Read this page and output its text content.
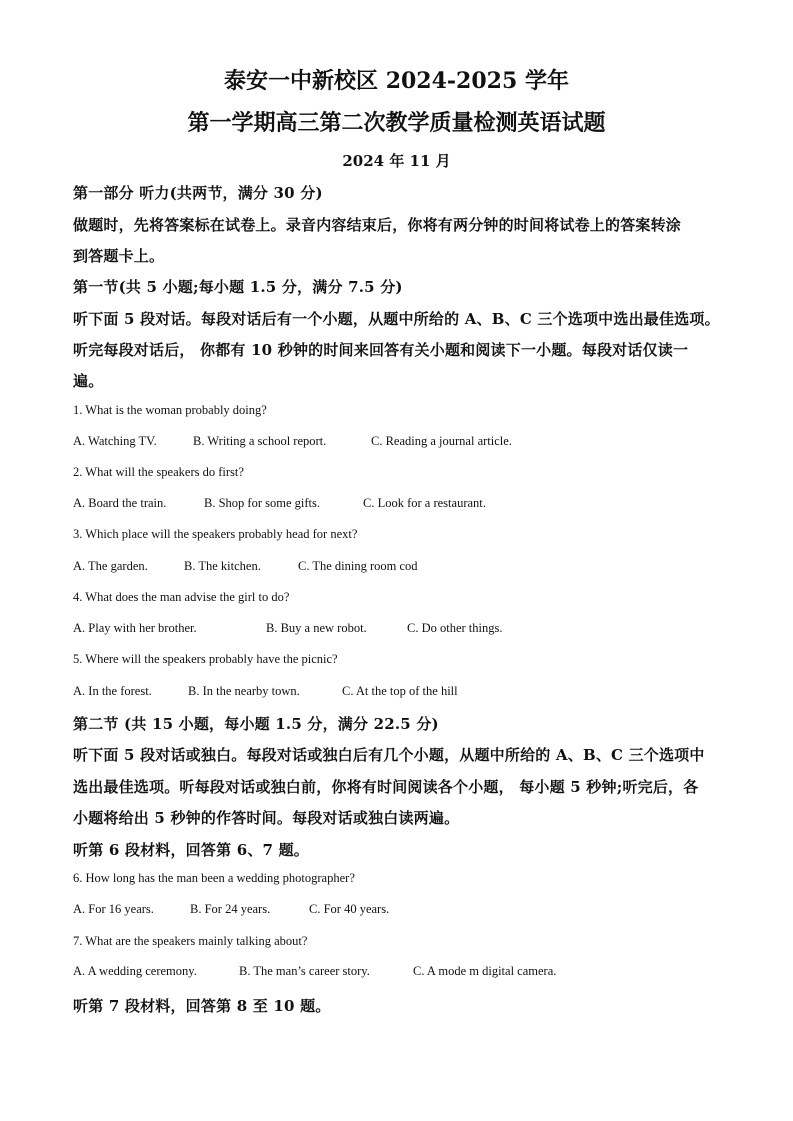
泰安一中新校区 2024-2025 学年
第一学期高三第二次教学质量检测英语试题
2024 年 11 月
第一部分 听力(共两节，满分 30 分)
做题时，先将答案标在试卷上。录音内容结束后，你将有两分钟的时间将试卷上的答案转涂
到答题卡上。
第一节(共 5 小题;每小题 1.5 分，满分 7.5 分)
听下面 5 段对话。每段对话后有一个小题，从题中所给的 A、B、C 三个选项中选出最佳选项。
听完每段对话后， 你都有 10 秒钟的时间来回答有关小题和阅读下一小题。每段对话仅读一
遍。
1. What is the woman probably doing?
A. Watching TV.	B. Writing a school report.	C. Reading a journal article.
2. What will the speakers do first?
A. Board the train.	B. Shop for some gifts.	C. Look for a restaurant.
3. Which place will the speakers probably head for next?
A. The garden.	B. The kitchen.	C. The dining room cod
4. What does the man advise the girl to do?
A. Play with her brother.	B. Buy a new robot.	C. Do other things.
5. Where will the speakers probably have the picnic?
A. In the forest.	B. In the nearby town.	C. At the top of the hill
第二节 (共 15 小题，每小题 1.5 分，满分 22.5 分)
听下面 5 段对话或独白。每段对话或独白后有几个小题，从题中所给的 A、B、C 三个选项中
选出最佳选项。听每段对话或独白前，你将有时间阅读各个小题， 每小题 5 秒钟;听完后，各
小题将给出 5 秒钟的作答时间。每段对话或独白读两遍。
听第 6 段材料，回答第 6、7 题。
6. How long has the man been a wedding photographer?
A. For 16 years.	B. For 24 years.	C. For 40 years.
7. What are the speakers mainly talking about?
A. A wedding ceremony.	B. The man’s career story.	C. A mode m digital camera.
听第 7 段材料，回答第 8 至 10 题。
